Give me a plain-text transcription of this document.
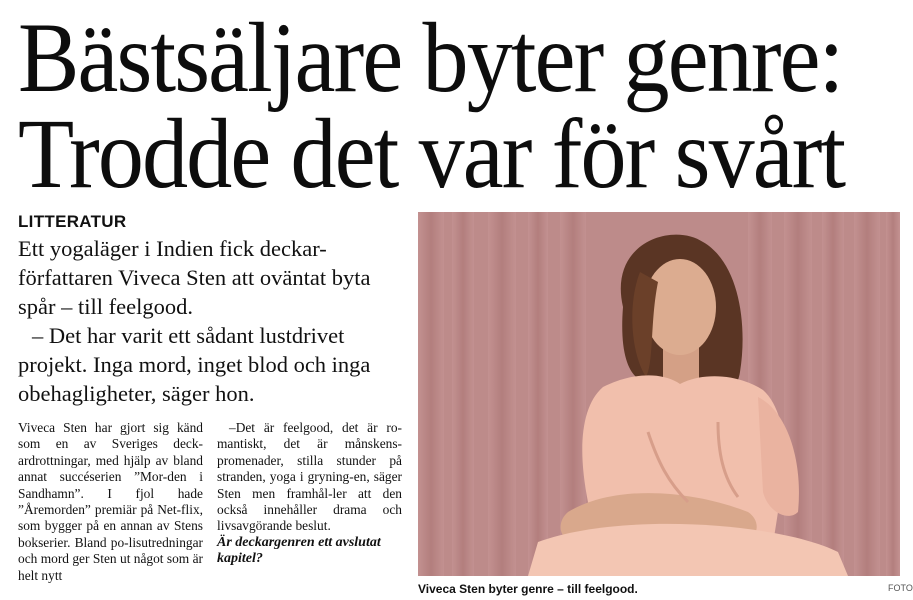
Bästsäljare byter genre:
Trodde det var för svårt
LITTERATUR

Ett yogaläger i Indien fick deckar-författaren Viveca Sten att oväntat byta spår – till feelgood.

– Det har varit ett sådant lustdrivet projekt. Inga mord, inget blod och inga obehagligheter, säger hon.

Viveca Sten har gjort sig känd som en av Sveriges deck-ardrottningar, med hjälp av bland annat succéserien ”Mor-den i Sandhamn”. I fjol hade ”Åremorden” premiär på Net-flix, som bygger på en annan av Stens bokserier. Bland po-lisutredningar och mord ger Sten ut något som är helt nytt

–Det är feelgood, det är ro-mantiskt, det är månskens-promenader, stilla stunder på stranden, yoga i gryning-en, säger Sten men framhål-ler att den också innehåller drama och livsavgörande beslut.

Är deckargenren ett avslutat kapitel?

Viveca Sten byter genre – till feelgood.	FOTO
